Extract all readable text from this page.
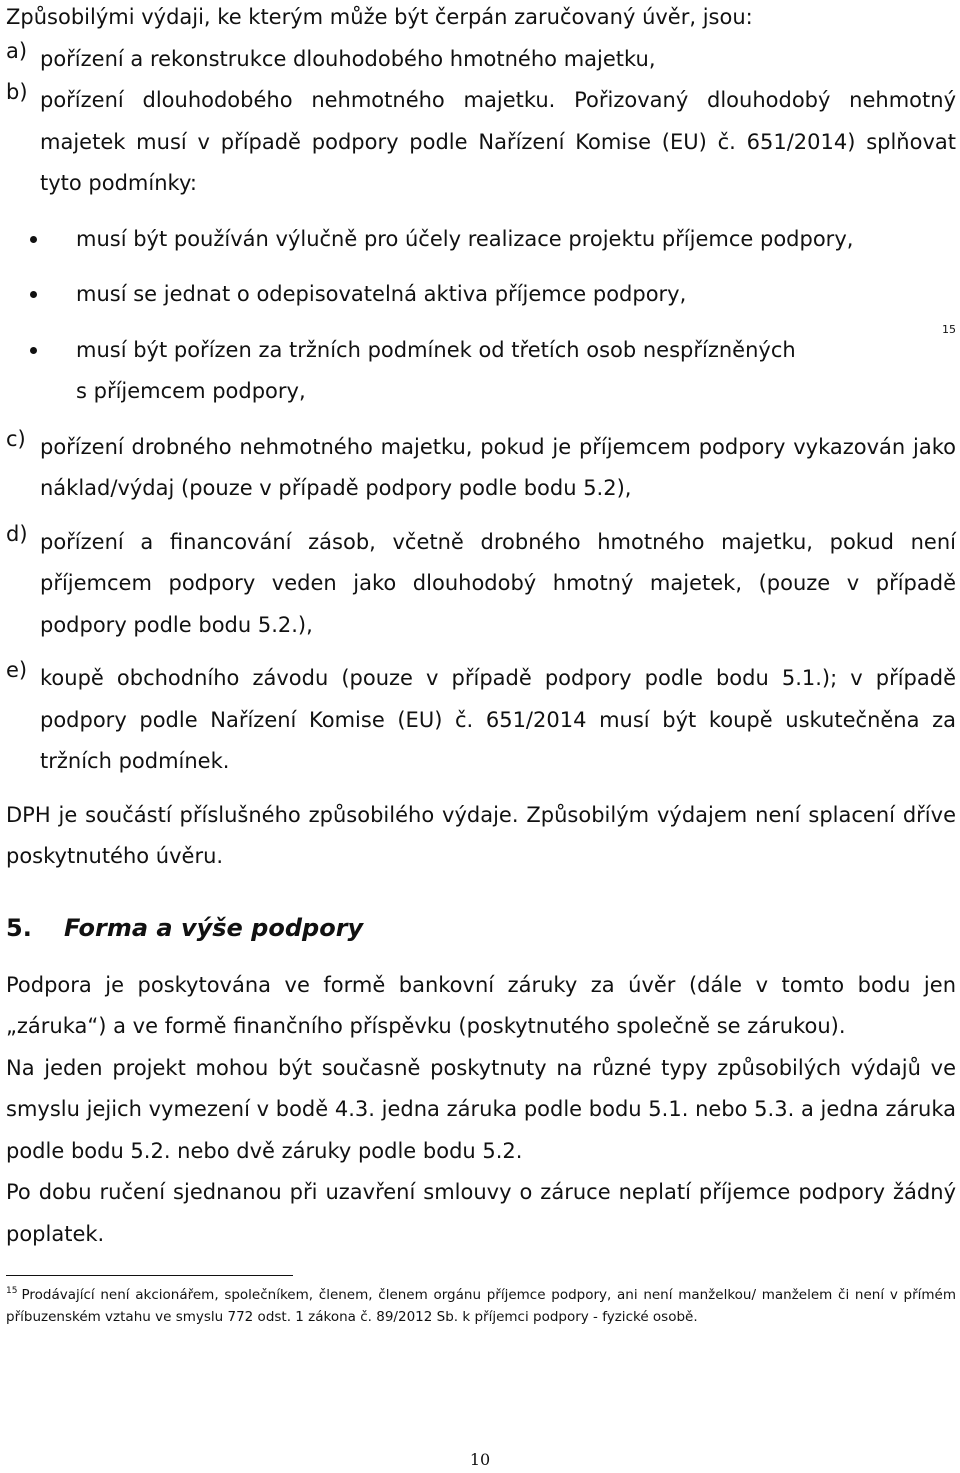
Způsobilými výdaji, ke kterým může být čerpán zaručovaný úvěr, jsou:

a) pořízení a rekonstrukce dlouhodobého hmotného majetku,
b) pořízení dlouhodobého nehmotného majetku. Pořizovaný dlouhodobý nehmotný majetek musí v případě podpory podle Nařízení Komise (EU) č. 651/2014) splňovat tyto podmínky:
musí být používán výlučně pro účely realizace projektu příjemce podpory,
musí se jednat o odepisovatelná aktiva příjemce podpory,
musí být pořízen za tržních podmínek od třetích osob nespřízněných
15
s příjemcem podpory,
c) pořízení drobného nehmotného majetku, pokud je příjemcem podpory vykazován jako náklad/výdaj (pouze v případě podpory podle bodu 5.2),
d) pořízení a financování zásob, včetně drobného hmotného majetku, pokud není příjemcem podpory veden jako dlouhodobý hmotný majetek, (pouze v případě podpory podle bodu 5.2.),
e) koupě obchodního závodu (pouze v případě podpory podle bodu 5.1.); v případě podpory podle Nařízení Komise (EU) č. 651/2014 musí být koupě uskutečněna za tržních podmínek.

DPH je součástí příslušného způsobilého výdaje. Způsobilým výdajem není splacení dříve poskytnutého úvěru.

5.	Forma a výše podpory

Podpora je poskytována ve formě bankovní záruky za úvěr (dále v tomto bodu jen „záruka“) a ve formě finančního příspěvku (poskytnutého společně se zárukou).

Na jeden projekt mohou být současně poskytnuty na různé typy způsobilých výdajů ve smyslu jejich vymezení v bodě 4.3. jedna záruka podle bodu 5.1. nebo 5.3. a jedna záruka podle bodu 5.2. nebo dvě záruky podle bodu 5.2.

Po dobu ručení sjednanou při uzavření smlouvy o záruce neplatí příjemce podpory žádný poplatek.

$^{15}$ Prodávající není akcionářem, společníkem, členem, členem orgánu příjemce podpory, ani není manželkou/ manželem či není v přímém příbuzenském vztahu ve smyslu 772 odst. 1 zákona č. 89/2012 Sb. k příjemci podpory - fyzické osobě.
10
